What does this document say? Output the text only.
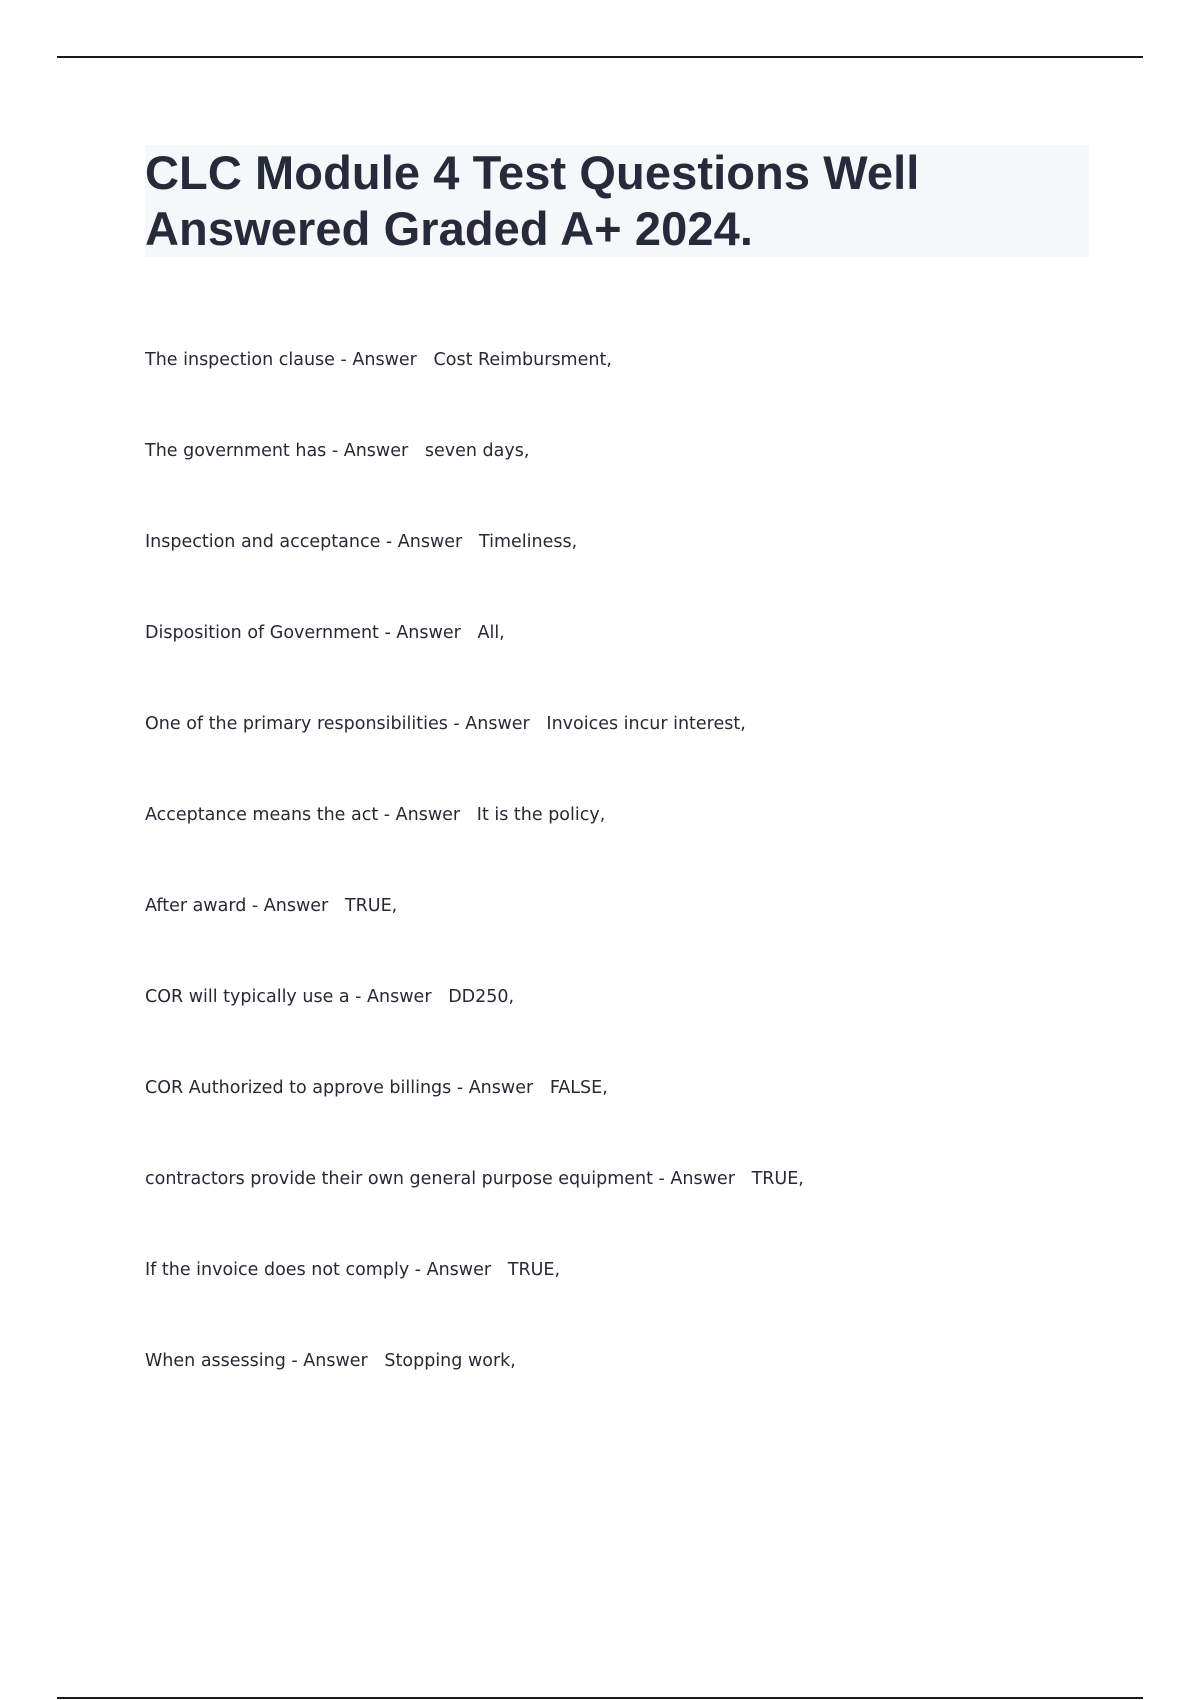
CLC Module 4 Test Questions Well Answered Graded A+ 2024.
The inspection clause - Answer   Cost Reimbursment,
The government has - Answer   seven days,
Inspection and acceptance - Answer   Timeliness,
Disposition of Government - Answer   All,
One of the primary responsibilities - Answer   Invoices incur interest,
Acceptance means the act - Answer   It is the policy,
After award - Answer   TRUE,
COR will typically use a - Answer   DD250,
COR Authorized to approve billings - Answer   FALSE,
contractors provide their own general purpose equipment - Answer   TRUE,
If the invoice does not comply - Answer   TRUE,
When assessing - Answer   Stopping work,
